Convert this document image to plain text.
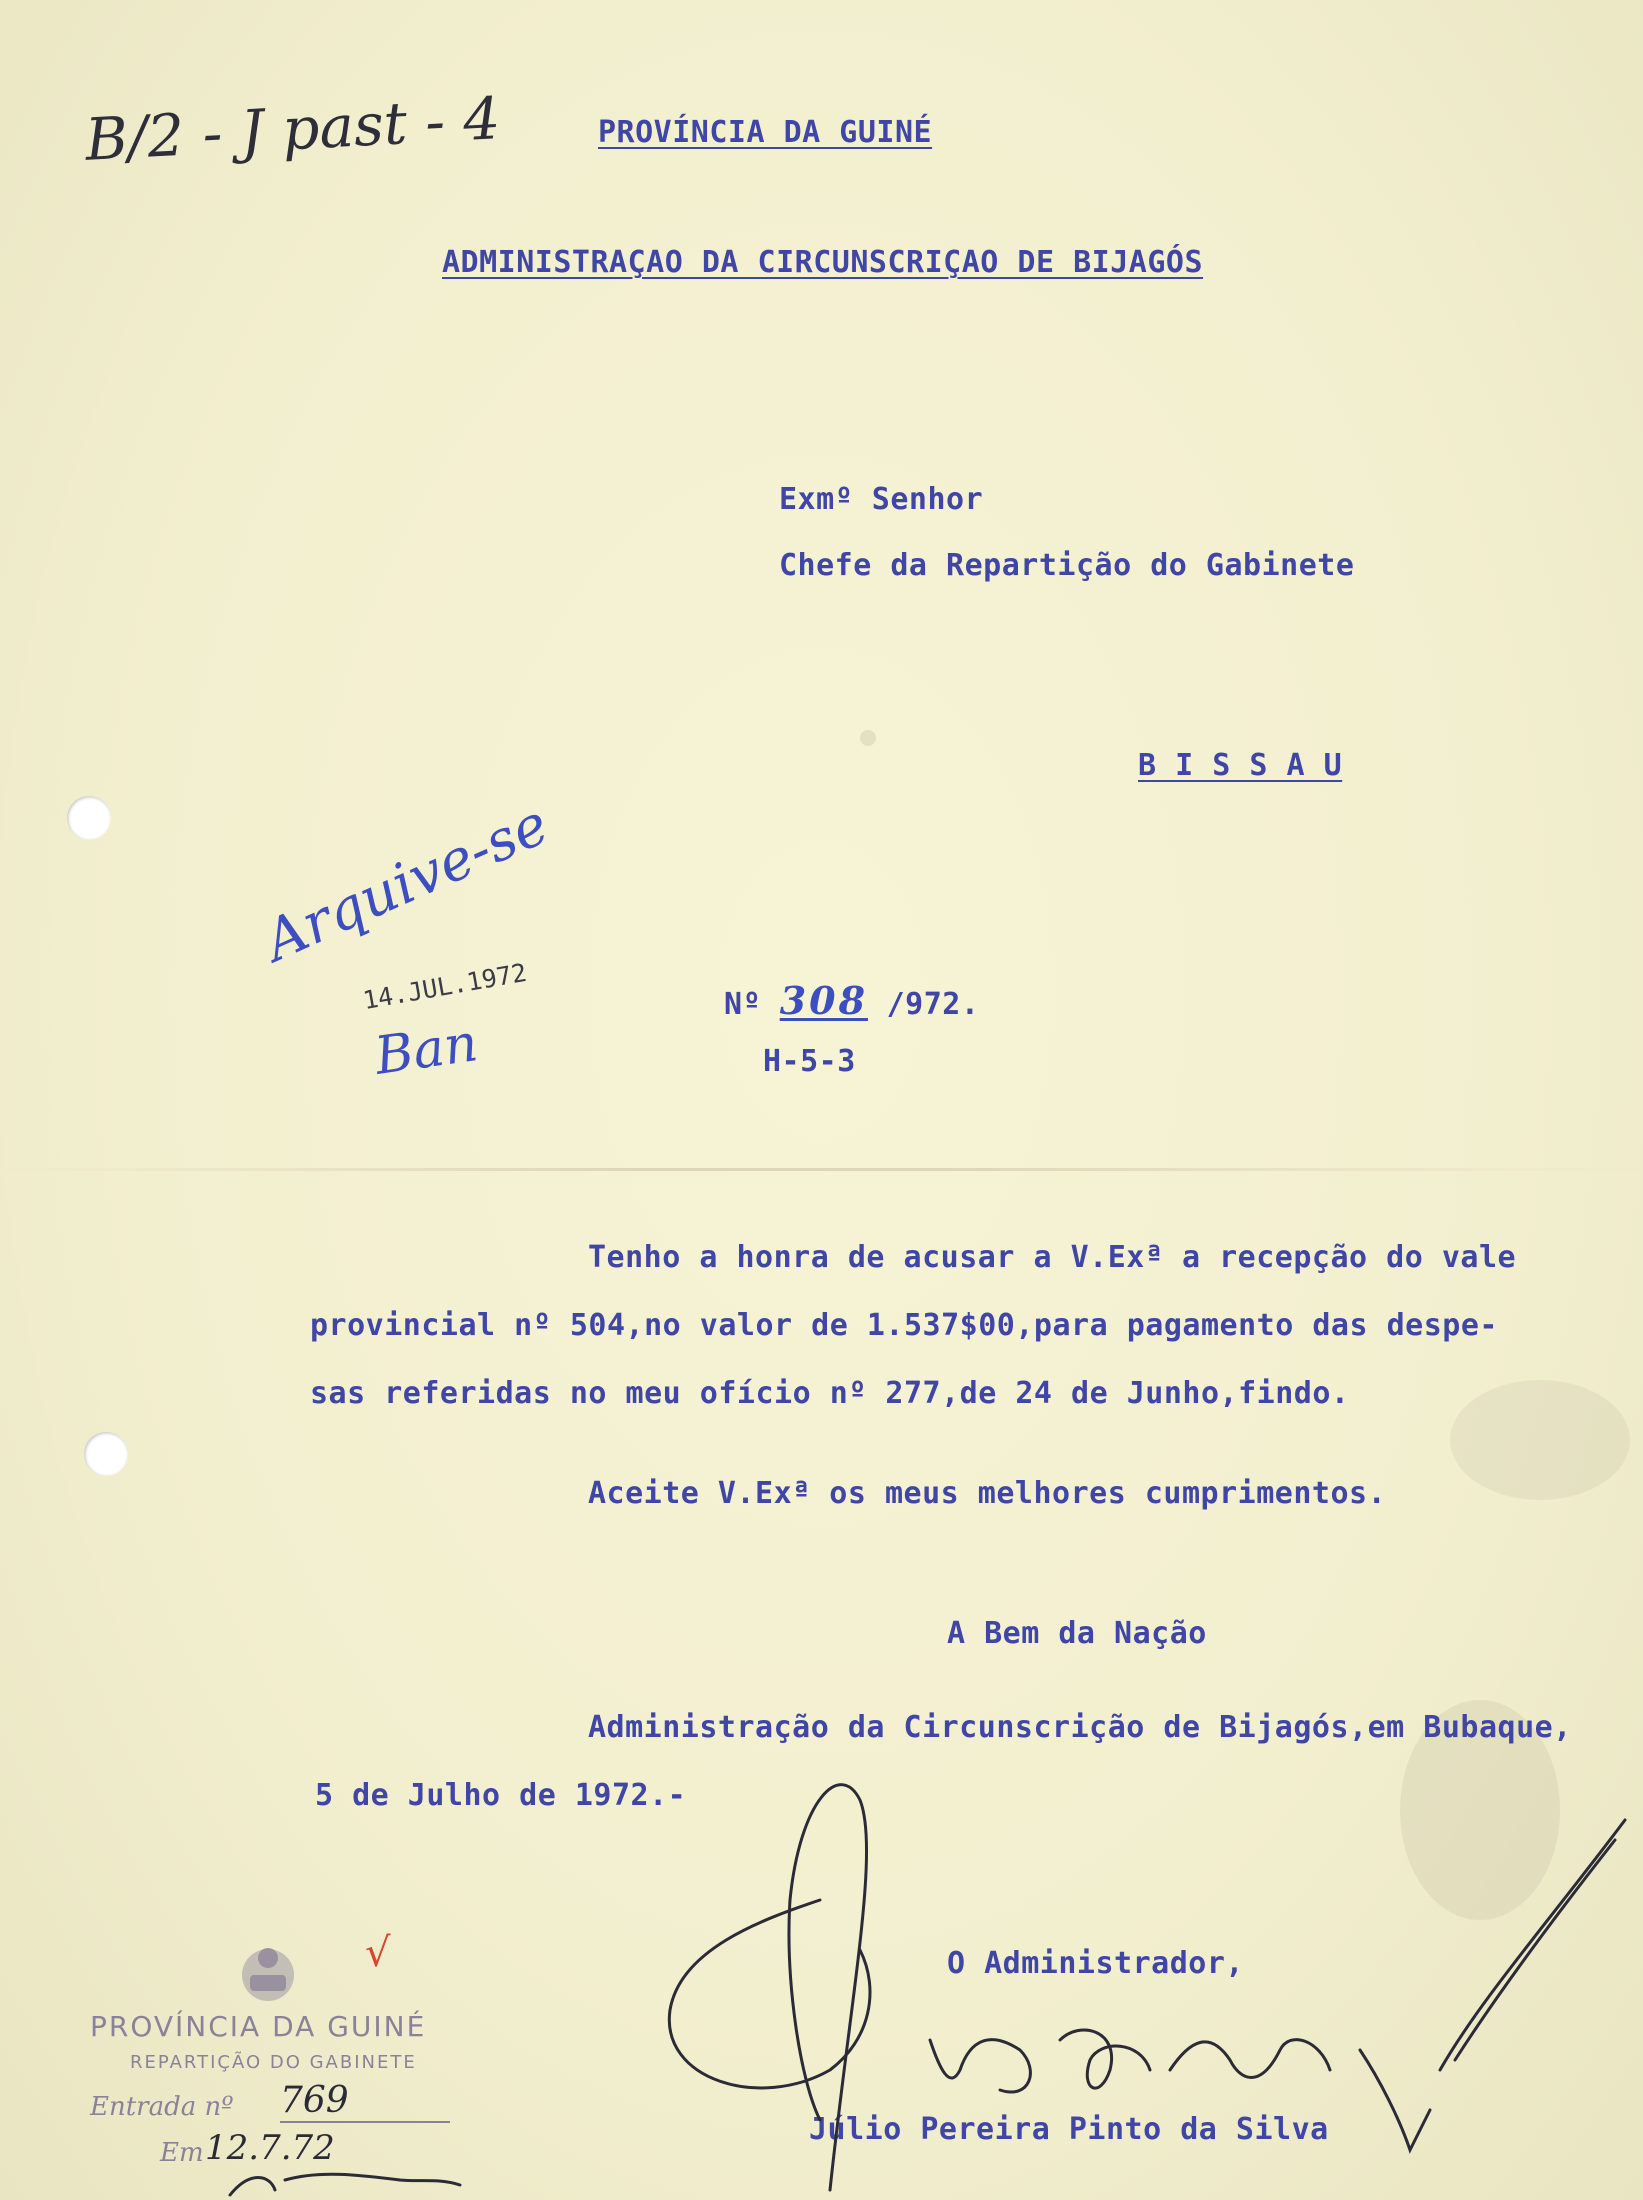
B/2 - J past - 4	PROVÍNCIA DA GUINÉ
ADMINISTRAÇAO DA CIRCUNSCRIÇAO DE BIJAGÓS
Exmº Senhor
Chefe da Repartição do Gabinete
B I S S A U
Arquive-se
14.JUL.1972
Ban
Nº 308 /972.
H-5-3
Tenho a honra de acusar a V.Exª a recepção do vale
provincial nº 504,no valor de 1.537$00,para pagamento das despe-
sas referidas no meu ofício nº 277,de 24 de Junho,findo.
Aceite V.Exª os meus melhores cumprimentos.
A Bem da Nação
Administração da Circunscrição de Bijagós,em Bubaque,
5 de Julho de 1972.-
O Administrador,
Júlio Pereira Pinto da Silva
PROVÍNCIA DA GUINÉ
REPARTIÇÃO DO GABINETE
Entrada nº 769
Em 12.7.72
√
